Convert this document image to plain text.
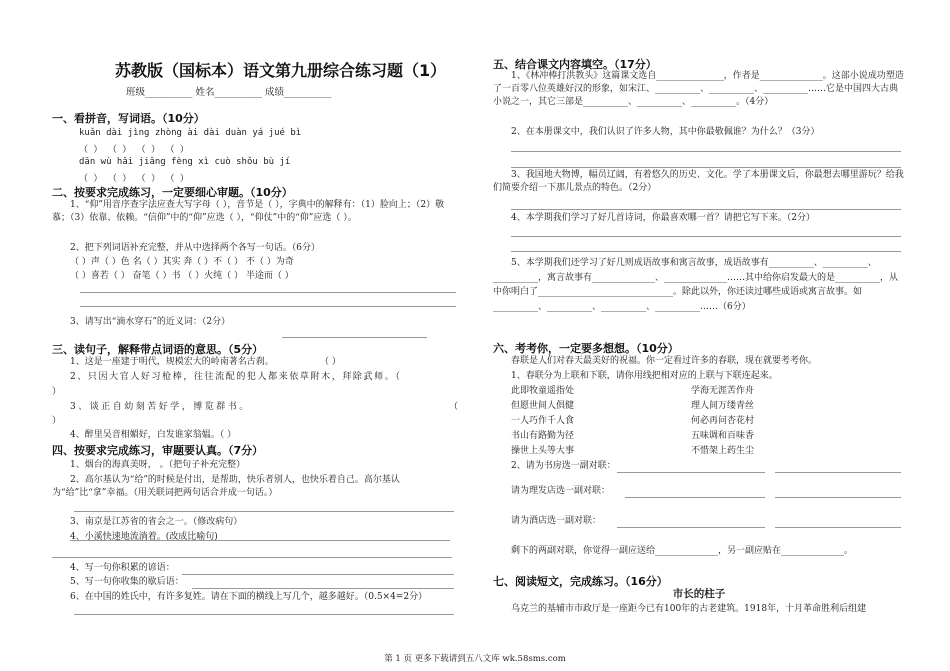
苏教版（国标本）语文第九册综合练习题（1）
班级__________ 姓名__________ 成绩__________
一、看拼音，写词语。（10分）
kuǎn dài jìng zhòng ài dài duàn yá jué bì
（ ） （ ） （ ） （ ）
dān wù hǎi jiǎng fèng xì cuò shǒu bù jí
（ ） （ ） （ ） （ ）
二、按要求完成练习，一定要细心审题。（10分）
1、“仰”用音序查字法应查大写字母（ ），音节是（ ），字典中的解释有：（1）脸向上；（2）敬慕；（3）依靠、依赖。“信仰”中的“仰”应选（ ），“仰仗”中的“仰”应选（ ）。
2、把下列词语补充完整，并从中选择两个各写一句话。（6分）
（ ）声（ ）色 名（ ）其实 奔（ ）不（ ） 不（ ）为奇
（ ）喜若（ ） 奋笔（ ）书 （ ）火纯（ ） 半途而（ ）
3、请写出“滴水穿石”的近义词：（2分）
三、读句子，解释带点词语的意思。（5分）
1、这是一座建于明代，规模宏大的岭南著名古刹。	（ ）
2、只因大官人好习枪棒，往往流配的犯人都来依草附木，拜除武师。（
）
3、谈正自幼刻苦好学，博览群书。	（
）
4、醉里吴音相媚好，白发谁家翁媪。（ ）
四、按要求完成练习，审题要认真。（7分）
1、烟台的海真美呀， 。（把句子补充完整）
2、高尔基认为“给”的时候是付出，是帮助，快乐者别人，也快乐着自己。高尔基认为“给”比“拿”幸福。（用关联词把两句话合并成一句话。）
3、南京是江苏省的省会之一。（修改病句）
4、小溪快速地流淌着。(改成比喻句)
4、写一句你积累的谚语：
5、写一句你收集的歇后语：
6、在中国的姓氏中，有许多复姓。请在下面的横线上写几个，越多越好。（0.5×4=2分）
五、结合课文内容填空。（17分）
1、《林冲棒打洪教头》这篇课文选自_______________，作者是______________。这部小说成功塑造了一百零八位英雄好汉的形象，如宋江、__________、__________、__________……它是中国四大古典小说之一，其它三部是__________、__________、__________。（4分）
2、在本册课文中，我们认识了许多人物，其中你最敬佩谁？为什么？（3分）
3、我国地大物博，幅员辽阔，有着悠久的历史、文化。学了本册课文后，你最想去哪里游玩？给我们简要介绍一下那儿景点的特色。（2分）
4、本学期我们学习了好几首诗词，你最喜欢哪一首？请把它写下来。（2分）
5、本学期我们还学习了好几则成语故事和寓言故事，成语故事有__________、__________、__________，寓言故事有______________、______________……其中给你启发最大的是__________，从中你明白了______________________________。除此以外，你还读过哪些成语或寓言故事。如__________、__________、__________、__________……（6分）
六、考考你，一定要多想想。（10分）
春联是人们对春天最美好的祝福。你一定看过许多的春联，现在就要考考你。
1、春联分为上联和下联，请你用线把相对应的上联与下联连起来。
此即牧童遥指处
但愿世间人俱健
一人巧作千人食
书山有路勤为径
操世上头等大事
学海无涯苦作舟
理人间万缕青丝
何必再问杏花村
五味调和百味香
不惜架上药生尘
2、请为书房选一副对联：
请为理发店选一副对联：
请为酒店选一副对联：
剩下的两副对联，你觉得一副应送给______________，另一副应贴在______________。
七、阅读短文，完成练习。（16分）
市长的柱子
乌克兰的基辅市市政厅是一座距今已有100年的古老建筑。1918年，十月革命胜利后组建
第 1 页 更多下载请到五八文库 wk.58sms.com
